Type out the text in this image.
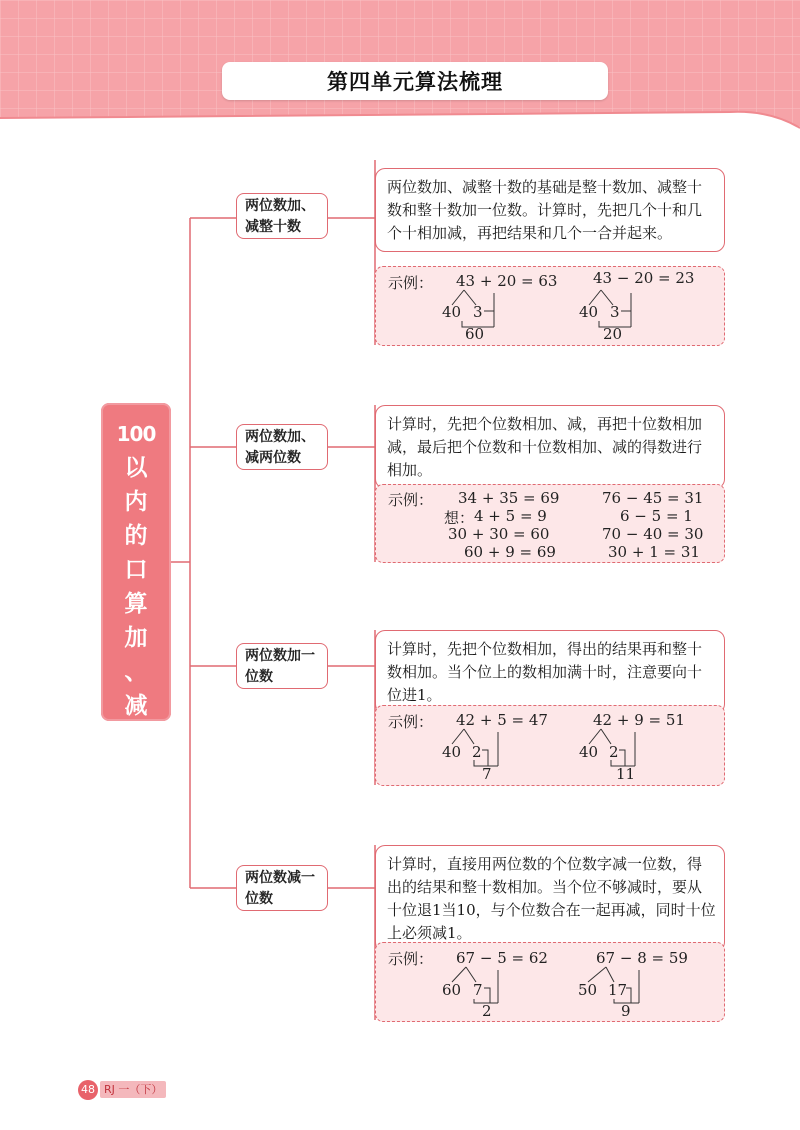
第四单元算法梳理
100
以
内
的
口
算
加
、
减
法
两位数加、减整十数
两位数加、减整十数的基础是整十数加、减整十数和整十数加一位数。计算时，先把几个十和几个十相加减，再把结果和几个一合并起来。
示例： 43 + 20 = 63
40 3
60
43 − 20 = 23
40 3
20
两位数加、减两位数
计算时，先把个位数相加、减，再把十位数相加减，最后把个位数和十位数相加、减的得数进行相加。
示例： 34 + 35 = 69
想： 4 + 5 = 9
30 + 30 = 60
60 + 9 = 69
76 − 45 = 31
6 − 5 = 1
70 − 40 = 30
30 + 1 = 31
两位数加一位数
计算时，先把个位数相加，得出的结果再和整十数相加。当个位上的数相加满十时，注意要向十位进1。
示例： 42 + 5 = 47
40 2
7
42 + 9 = 51
40 2
11
两位数减一位数
计算时，直接用两位数的个位数字减一位数，得出的结果和整十数相加。当个位不够减时，要从十位退1当10，与个位数合在一起再减，同时十位上必须减1。
示例： 67 − 5 = 62
60 7
2
67 − 8 = 59
50 17
9
48 RJ 一（下）
